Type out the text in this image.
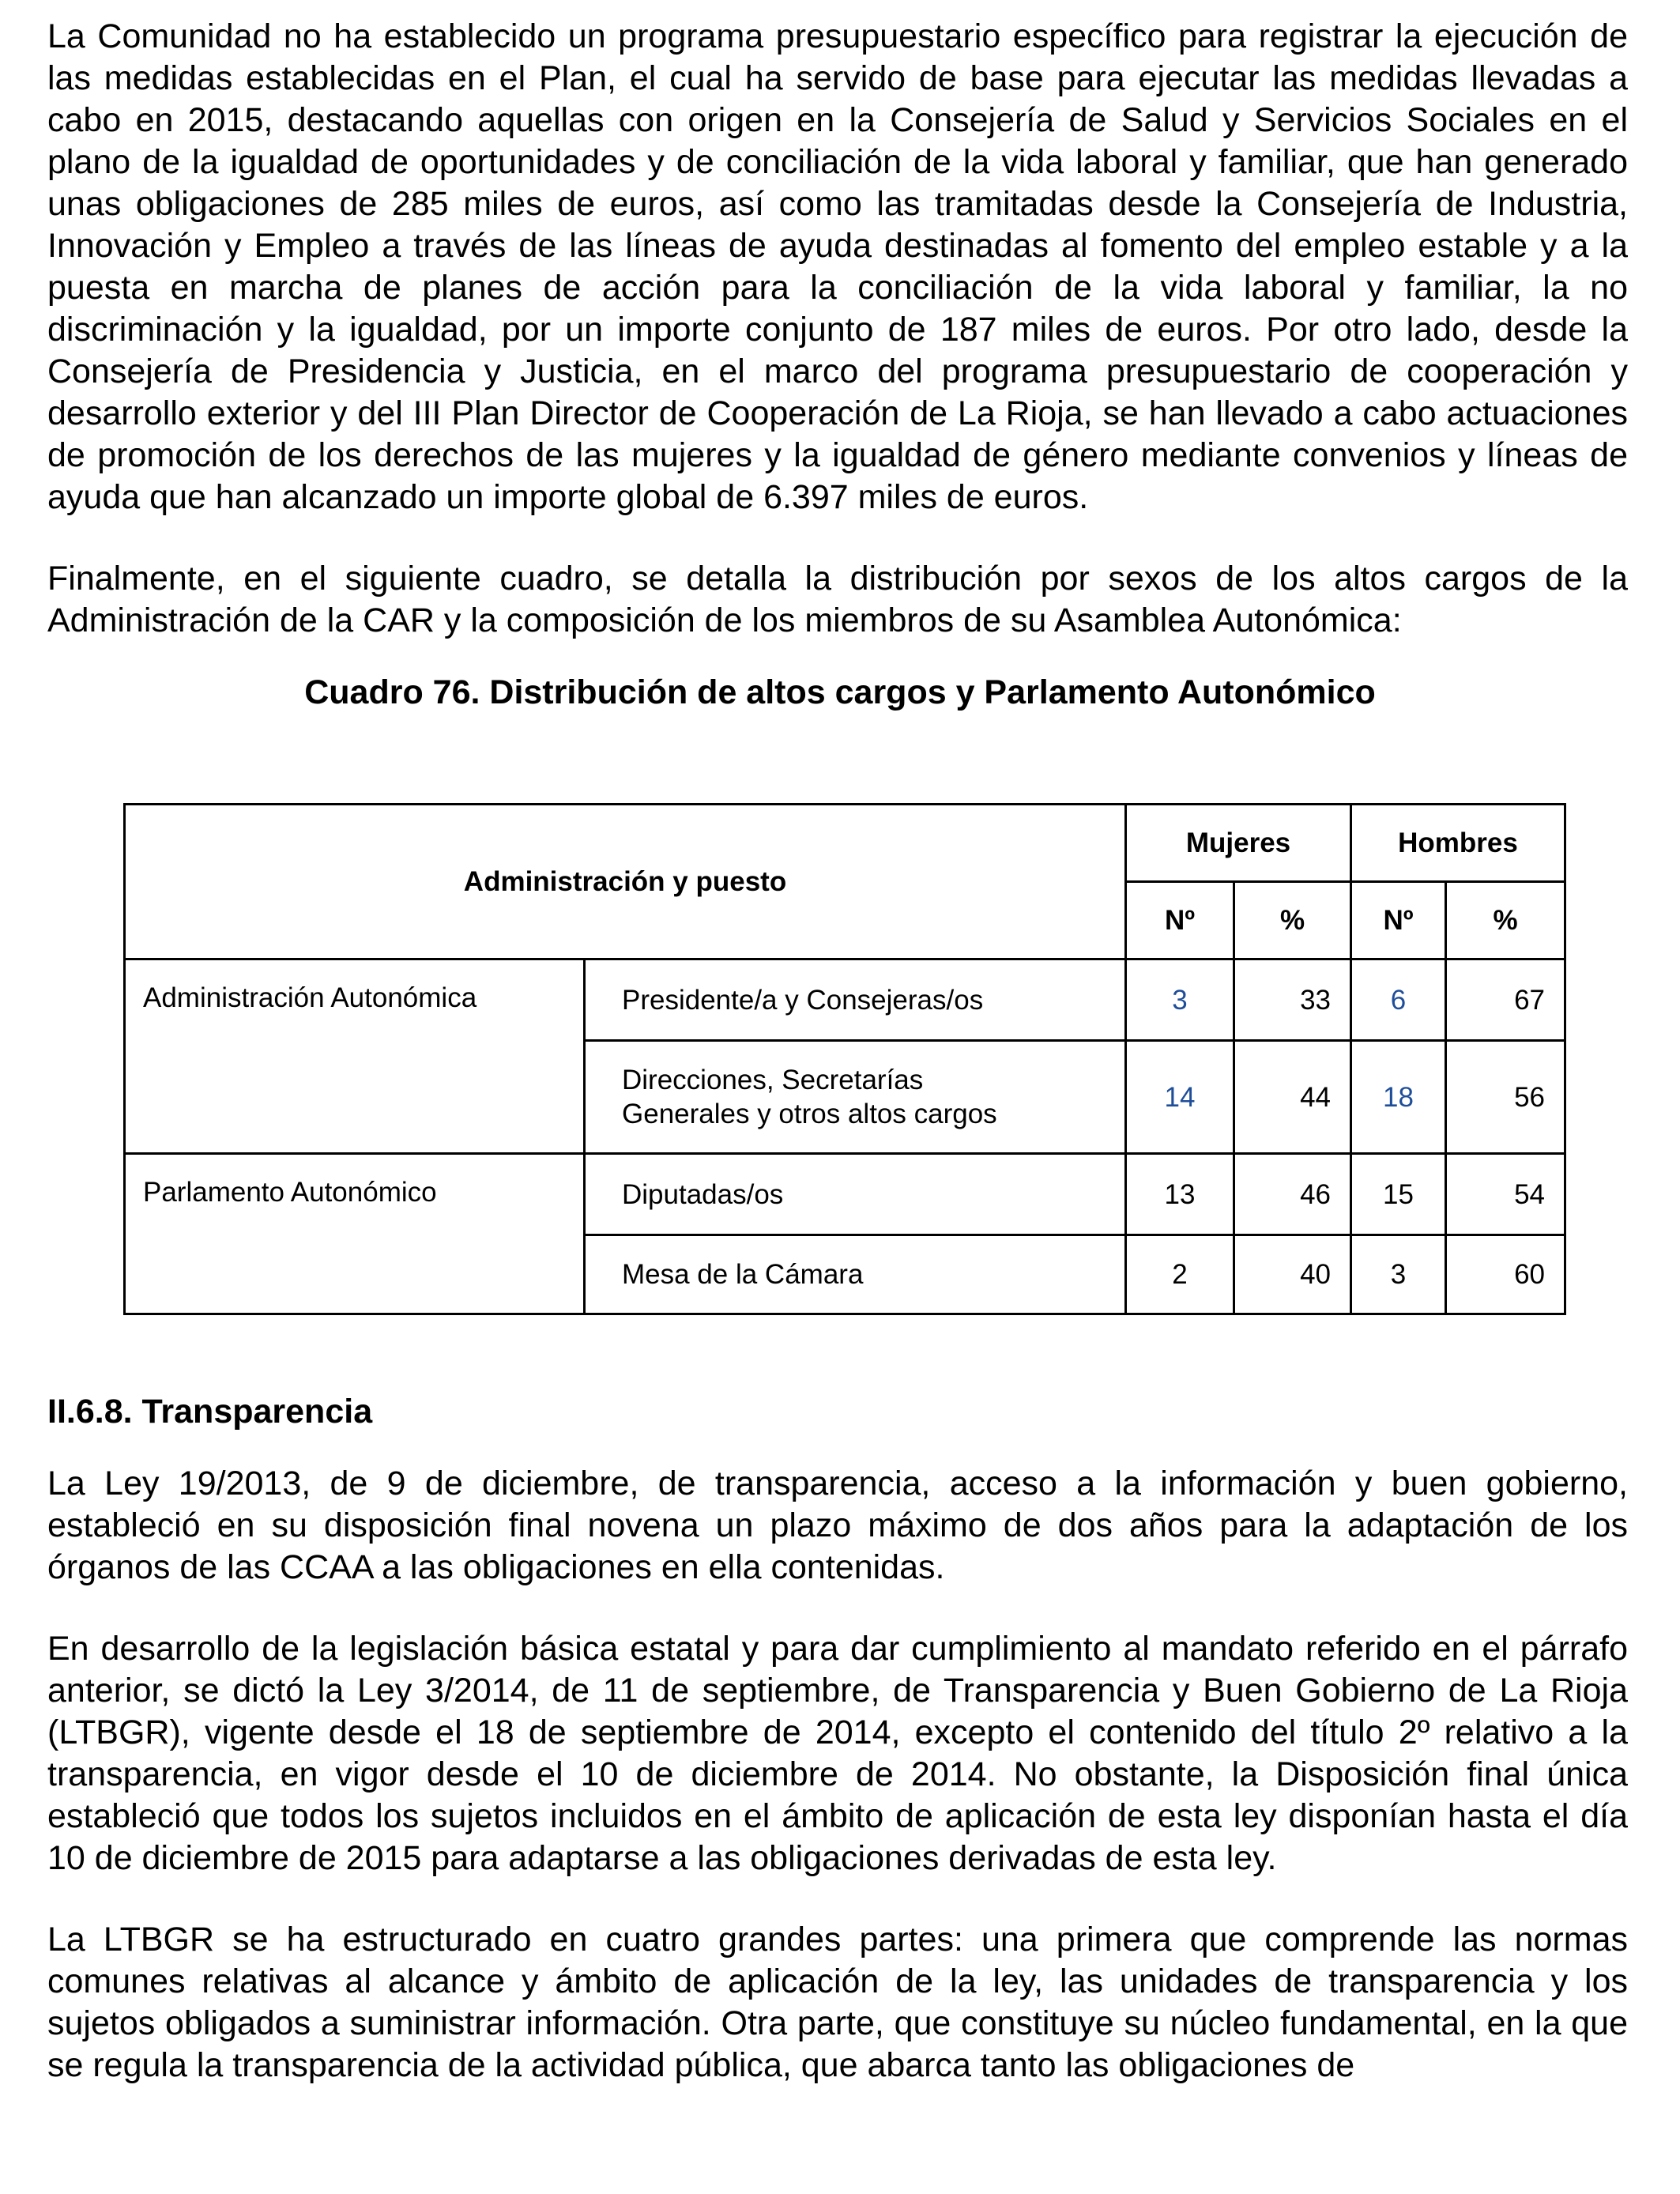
La Comunidad no ha establecido un programa presupuestario específico para registrar la ejecución de las medidas establecidas en el Plan, el cual ha servido de base para ejecutar las medidas llevadas a cabo en 2015, destacando aquellas con origen en la Consejería de Salud y Servicios Sociales en el plano de la igualdad de oportunidades y de conciliación de la vida laboral y familiar, que han generado unas obligaciones de 285 miles de euros, así como las tramitadas desde la Consejería de Industria, Innovación y Empleo a través de las líneas de ayuda destinadas al fomento del empleo estable y a la puesta en marcha de planes de acción para la conciliación de la vida laboral y familiar, la no discriminación y la igualdad, por un importe conjunto de 187 miles de euros. Por otro lado, desde la Consejería de Presidencia y Justicia, en el marco del programa presupuestario de cooperación y desarrollo exterior y del III Plan Director de Cooperación de La Rioja, se han llevado a cabo actuaciones de promoción de los derechos de las mujeres y la igualdad de género mediante convenios y líneas de ayuda que han alcanzado un importe global de 6.397 miles de euros.

Finalmente, en el siguiente cuadro, se detalla la distribución por sexos de los altos cargos de la Administración de la CAR y la composición de los miembros de su Asamblea Autonómica:

Cuadro 76. Distribución de altos cargos y Parlamento Autonómico
Administración y puesto		Mujeres		Hombres	
		Nº	%	Nº	%
Administración Autonómica	Presidente/a y Consejeras/os	3	33	6	67

	Direcciones, Secretarías
Generales y otros altos cargos	14	44	18	56
Parlamento Autonómico	Diputadas/os	13	46	15	54
	Mesa de la Cámara	2	40	3	60
II.6.8. Transparencia

La Ley 19/2013, de 9 de diciembre, de transparencia, acceso a la información y buen gobierno, estableció en su disposición final novena un plazo máximo de dos años para la adaptación de los órganos de las CCAA a las obligaciones en ella contenidas.

En desarrollo de la legislación básica estatal y para dar cumplimiento al mandato referido en el párrafo anterior, se dictó la Ley 3/2014, de 11 de septiembre, de Transparencia y Buen Gobierno de La Rioja (LTBGR), vigente desde el 18 de septiembre de 2014, excepto el contenido del título 2º relativo a la transparencia, en vigor desde el 10 de diciembre de 2014. No obstante, la Disposición final única estableció que todos los sujetos incluidos en el ámbito de aplicación de esta ley disponían hasta el día 10 de diciembre de 2015 para adaptarse a las obligaciones derivadas de esta ley.

La LTBGR se ha estructurado en cuatro grandes partes: una primera que comprende las normas comunes relativas al alcance y ámbito de aplicación de la ley, las unidades de transparencia y los sujetos obligados a suministrar información. Otra parte, que constituye su núcleo fundamental, en la que se regula la transparencia de la actividad pública, que abarca tanto las obligaciones de
